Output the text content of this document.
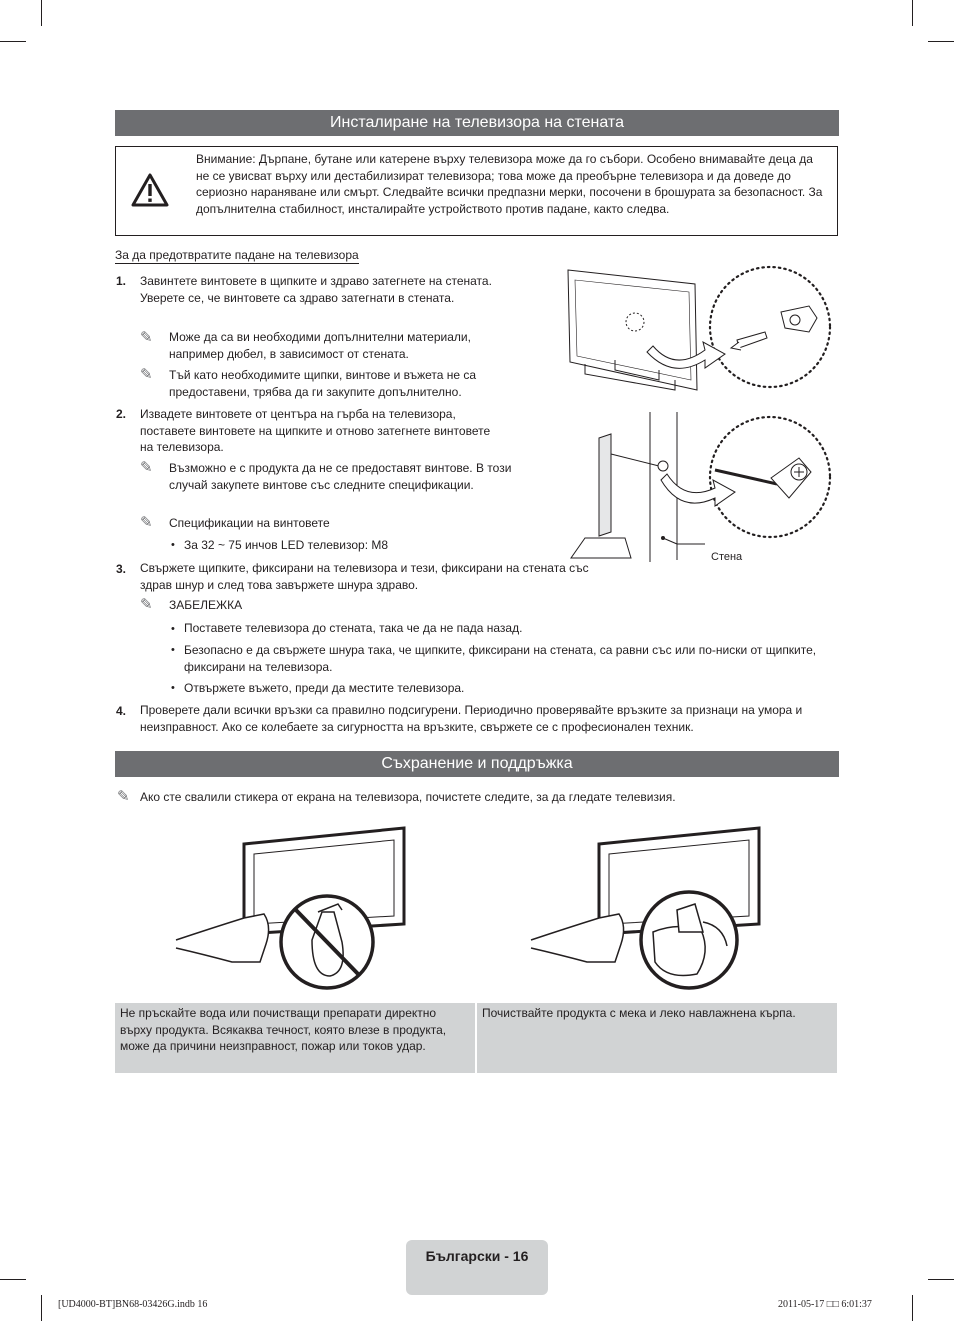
Инсталиране на телевизора на стената
Внимание: Дърпане, бутане или катерене върху телевизора може да го събори. Особено внимавайте деца да не се увисват върху или дестабилизират телевизора; това може да преобърне телевизора и да доведе до сериозно нараняване или смърт. Следвайте всички предпазни мерки, посочени в брошурата за безопасност. За допълнителна стабилност, инсталирайте устройството против падане, както следва.
За да предотвратите падане на телевизора
1. Завинтете винтовете в щипките и здраво затегнете на стената. Уверете се, че винтовете са здраво затегнати в стената.
✎ Може да са ви необходими допълнителни материали, например дюбел, в зависимост от стената.
✎ Тъй като необходимите щипки, винтове и въжета не са предоставени, трябва да ги закупите допълнително.
2. Извадете винтовете от центъра на гърба на телевизора, поставете винтовете на щипките и отново затегнете винтовете на телевизора.
✎ Възможно е с продукта да не се предоставят винтове. В този случай закупете винтове със следните спецификации.
✎ Спецификации на винтовете
• За 32 ~ 75 инчов LED телевизор: M8
3. Свържете щипките, фиксирани на телевизора и тези, фиксирани на стената със здрав шнур и след това завържете шнура здраво.
✎ ЗАБЕЛЕЖКА
• Поставете телевизора до стената, така че да не пада назад.
• Безопасно е да свържете шнура така, че щипките, фиксирани на стената, са равни със или по-ниски от щипките, фиксирани на телевизора.
• Отвържете въжето, преди да местите телевизора.
4. Проверете дали всички връзки са правилно подсигурени. Периодично проверявайте връзките за признаци на умора и неизправност. Ако се колебаете за сигурността на връзките, свържете се с професионален техник.
Стена
Съхранение и поддръжка
✎ Ако сте свалили стикера от екрана на телевизора, почистете следите, за да гледате телевизия.
Не пръскайте вода или почистващи препарати директно върху продукта. Всякаква течност, която влезе в продукта, може да причини неизправност, пожар или токов удар.
Почиствайте продукта с мека и леко навлажнена кърпа.
Български - 16
[UD4000-BT]BN68-03426G.indb 16	2011-05-17 □□ 6:01:37
